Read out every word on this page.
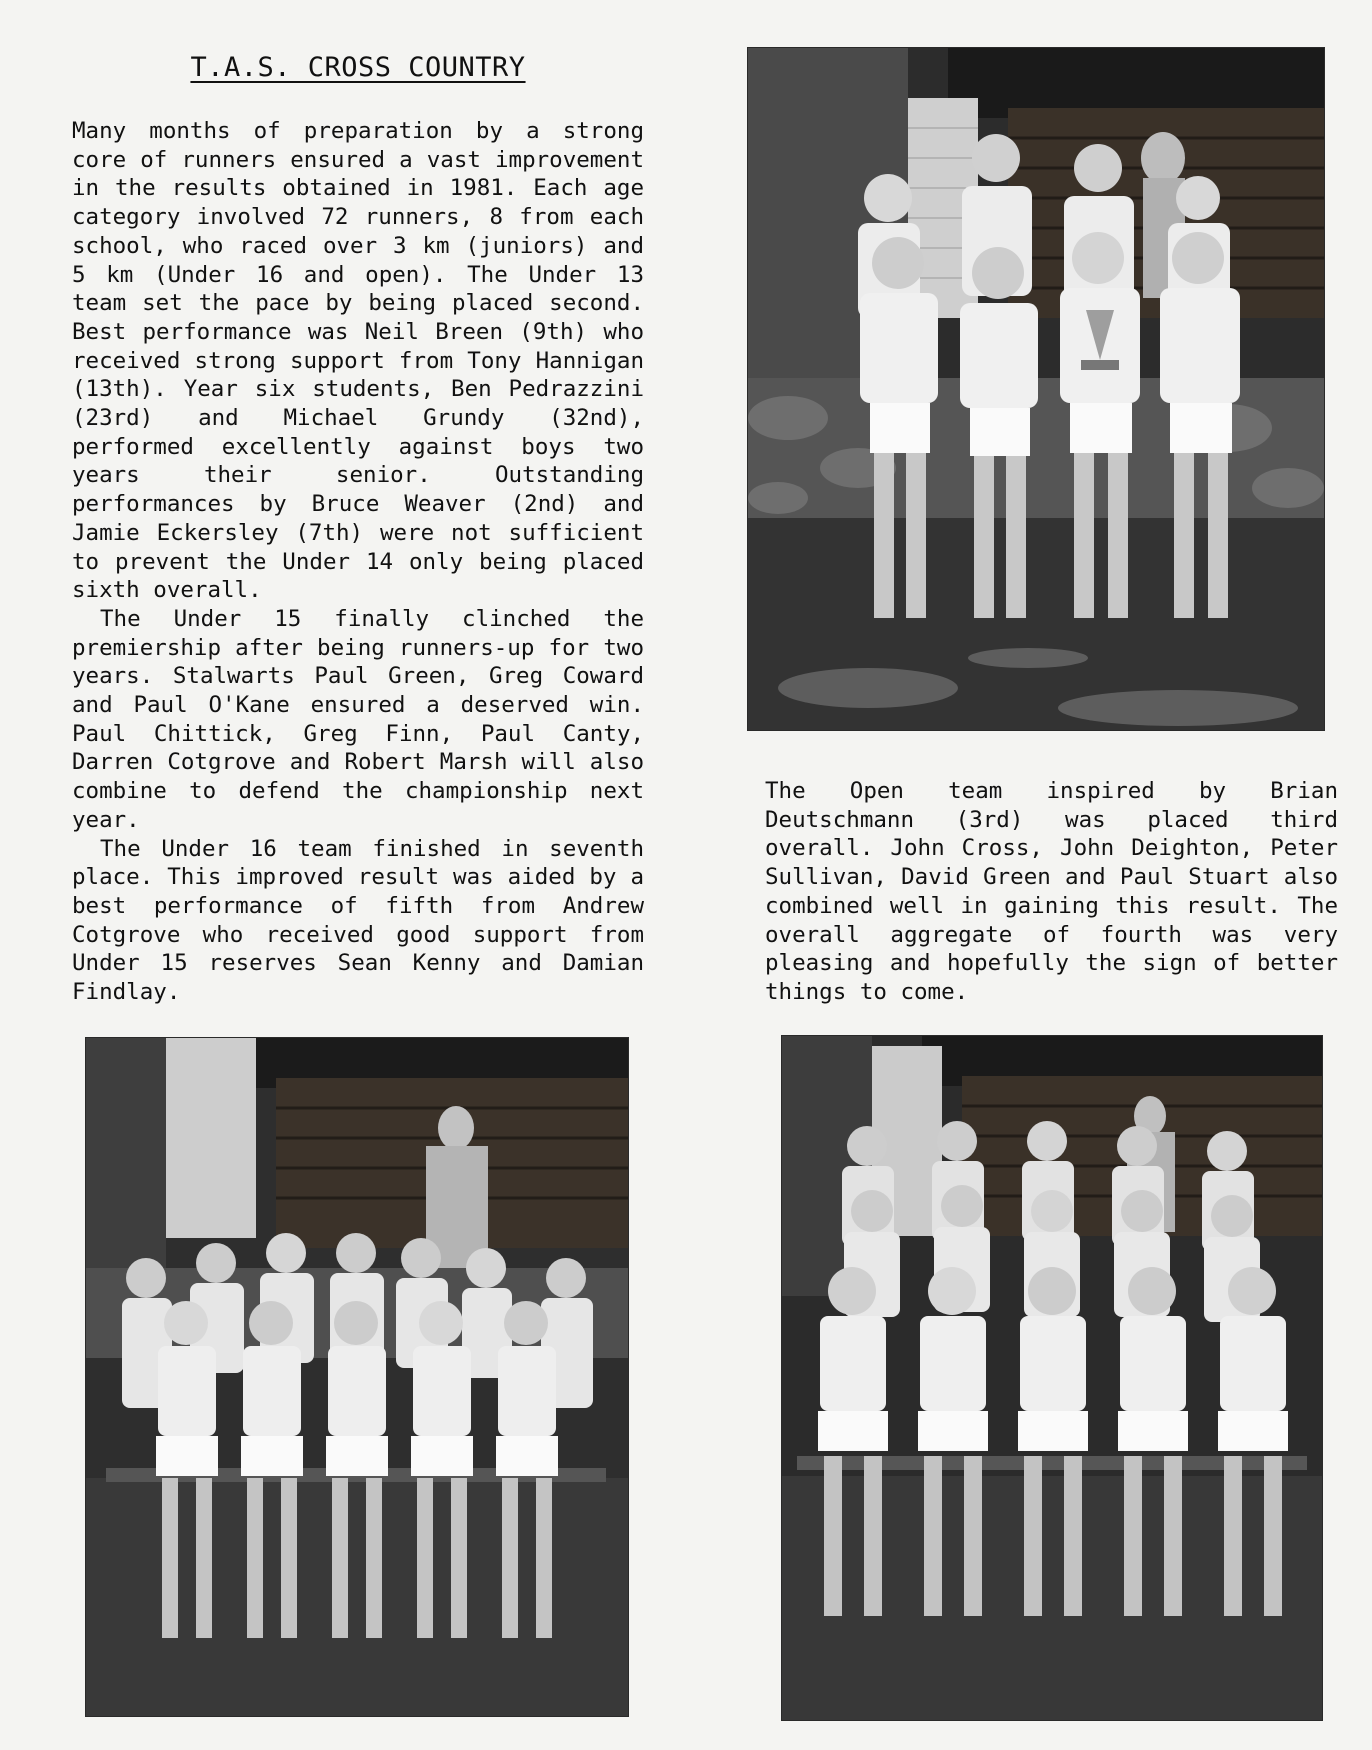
T.A.S. CROSS COUNTRY

Many months of preparation by a strong core of runners ensured a vast improvement in the results obtained in 1981. Each age category involved 72 runners, 8 from each school, who raced over 3 km (juniors) and 5 km (Under 16 and open). The Under 13 team set the pace by being placed second. Best performance was Neil Breen (9th) who received strong support from Tony Hannigan (13th). Year six students, Ben Pedrazzini (23rd) and Michael Grundy (32nd), performed excellently against boys two years their senior. Outstanding performances by Bruce Weaver (2nd) and Jamie Eckersley (7th) were not sufficient to prevent the Under 14 only being placed sixth overall.

The Under 15 finally clinched the premiership after being runners-up for two years. Stalwarts Paul Green, Greg Coward and Paul O'Kane ensured a deserved win. Paul Chittick, Greg Finn, Paul Canty, Darren Cotgrove and Robert Marsh will also combine to defend the championship next year.

The Under 16 team finished in seventh place. This improved result was aided by a best performance of fifth from Andrew Cotgrove who received good support from Under 15 reserves Sean Kenny and Damian Findlay.

The Open team inspired by Brian Deutschmann (3rd) was placed third overall. John Cross, John Deighton, Peter Sullivan, David Green and Paul Stuart also combined well in gaining this result. The overall aggregate of fourth was very pleasing and hopefully the sign of better things to come.
